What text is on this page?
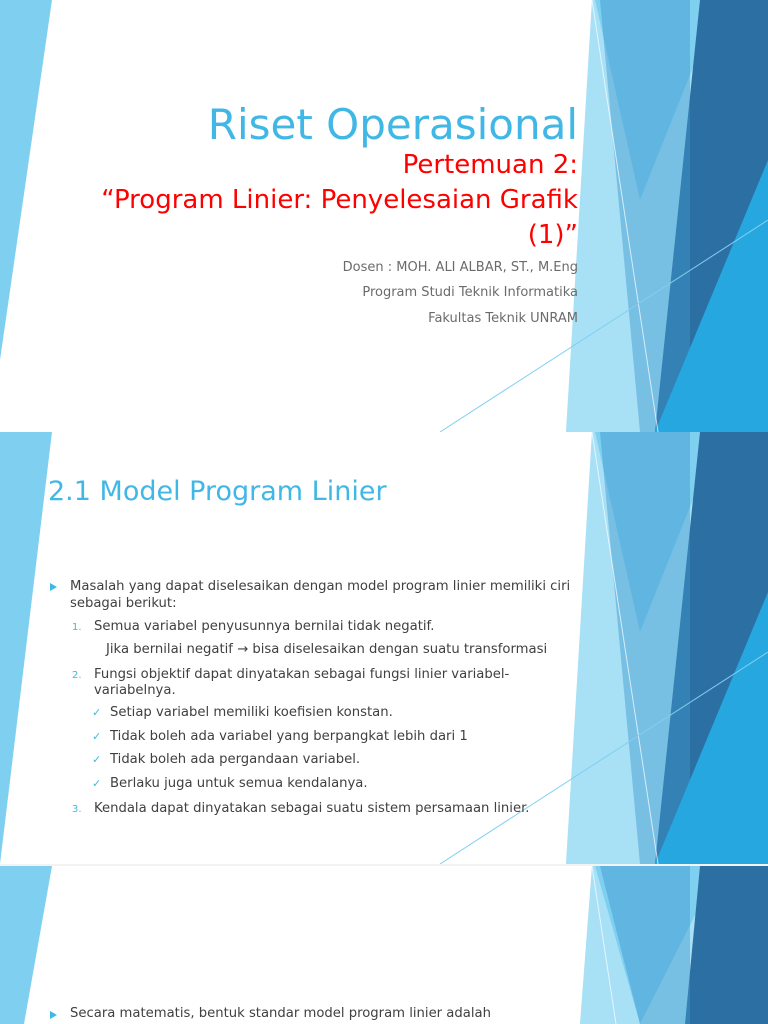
Riset Operasional
Pertemuan 2:
“Program Linier: Penyelesaian Grafik
(1)”
Dosen : MOH. ALI ALBAR, ST., M.Eng
Program Studi Teknik Informatika
Fakultas Teknik UNRAM
2.1 Model Program Linier
Masalah yang dapat diselesaikan dengan model program linier memiliki ciri
sebagai berikut:
1. Semua variabel penyusunnya bernilai tidak negatif.
Jika bernilai negatif → bisa diselesaikan dengan suatu transformasi
2. Fungsi objektif dapat dinyatakan sebagai fungsi linier variabel-
variabelnya.
✓ Setiap variabel memiliki koefisien konstan.
✓ Tidak boleh ada variabel yang berpangkat lebih dari 1
✓ Tidak boleh ada pergandaan variabel.
✓ Berlaku juga untuk semua kendalanya.
3. Kendala dapat dinyatakan sebagai suatu sistem persamaan linier.
Secara matematis, bentuk standar model program linier adalah
